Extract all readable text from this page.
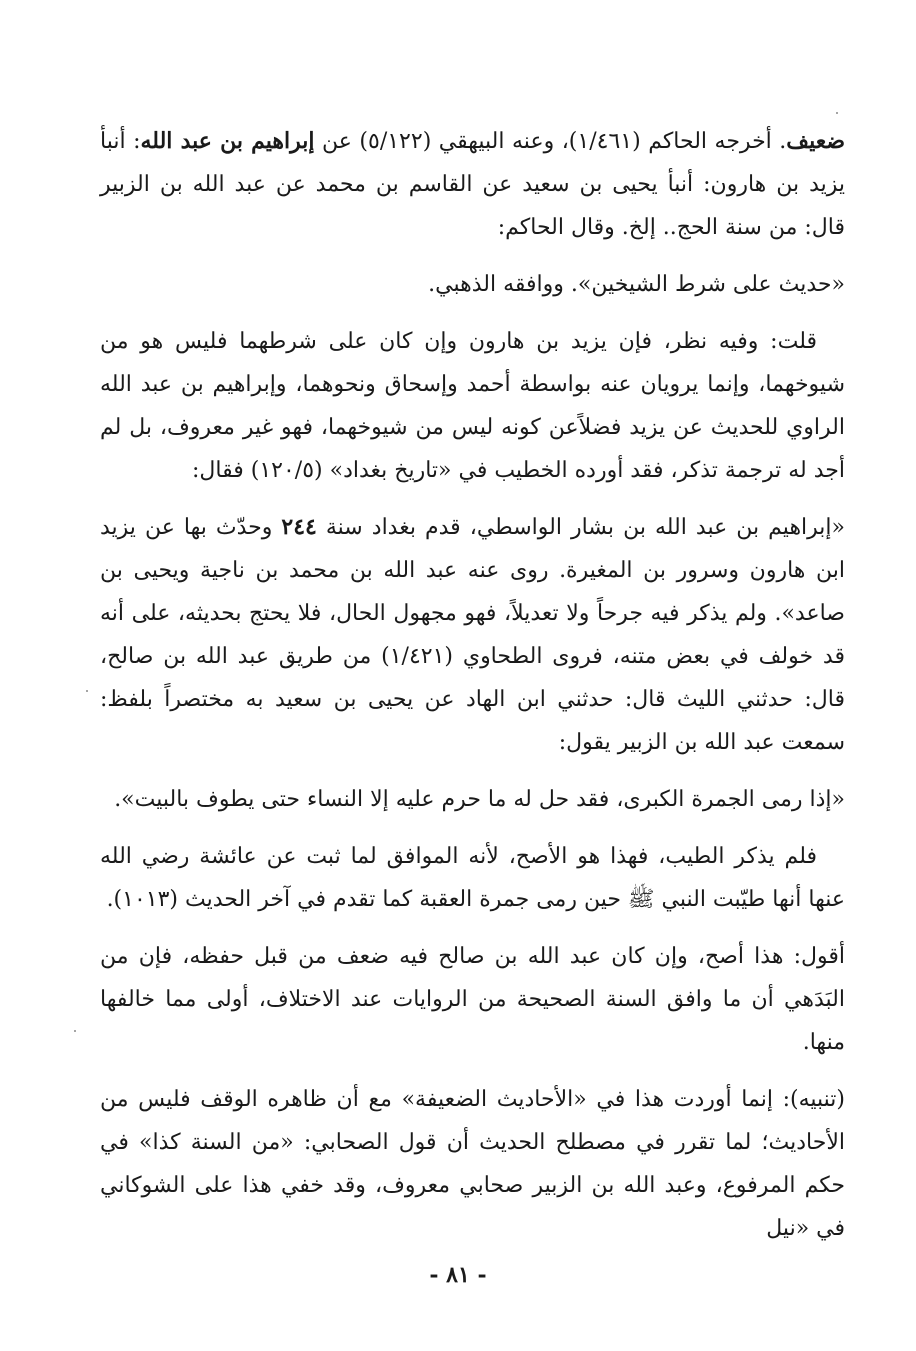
ضعيف. أخرجه الحاكم (١/٤٦١)، وعنه البيهقي (٥/١٢٢) عن إبراهيم بن عبد الله: أنبأ يزيد بن هارون: أنبأ يحيى بن سعيد عن القاسم بن محمد عن عبد الله بن الزبير قال: من سنة الحج.. إلخ. وقال الحاكم:

«حديث على شرط الشيخين». ووافقه الذهبي.

قلت: وفيه نظر، فإن يزيد بن هارون وإن كان على شرطهما فليس هو من شيوخهما، وإنما يرويان عنه بواسطة أحمد وإسحاق ونحوهما، وإبراهيم بن عبد الله الراوي للحديث عن يزيد فضلاًعن كونه ليس من شيوخهما، فهو غير معروف، بل لم أجد له ترجمة تذكر، فقد أورده الخطيب في «تاريخ بغداد» (١٢٠/٥) فقال:

«إبراهيم بن عبد الله بن بشار الواسطي، قدم بغداد سنة ٢٤٤ وحدّث بها عن يزيد ابن هارون وسرور بن المغيرة. روى عنه عبد الله بن محمد بن ناجية ويحيى بن صاعد». ولم يذكر فيه جرحاً ولا تعديلاً، فهو مجهول الحال، فلا يحتج بحديثه، على أنه قد خولف في بعض متنه، فروى الطحاوي (١/٤٢١) من طريق عبد الله بن صالح، قال: حدثني الليث قال: حدثني ابن الهاد عن يحيى بن سعيد به مختصراً بلفظ: سمعت عبد الله بن الزبير يقول:

«إذا رمى الجمرة الكبرى، فقد حل له ما حرم عليه إلا النساء حتى يطوف بالبيت».

فلم يذكر الطيب، فهذا هو الأصح، لأنه الموافق لما ثبت عن عائشة رضي الله عنها أنها طيّبت النبي ﷺ حين رمى جمرة العقبة كما تقدم في آخر الحديث (١٠١٣).

أقول: هذا أصح، وإن كان عبد الله بن صالح فيه ضعف من قبل حفظه، فإن من البَدَهي أن ما وافق السنة الصحيحة من الروايات عند الاختلاف، أولى مما خالفها منها.

(تنبيه): إنما أوردت هذا في «الأحاديث الضعيفة» مع أن ظاهره الوقف فليس من الأحاديث؛ لما تقرر في مصطلح الحديث أن قول الصحابي: «من السنة كذا» في حكم المرفوع، وعبد الله بن الزبير صحابي معروف، وقد خفي هذا على الشوكاني في «نيل

- ٨١ -
